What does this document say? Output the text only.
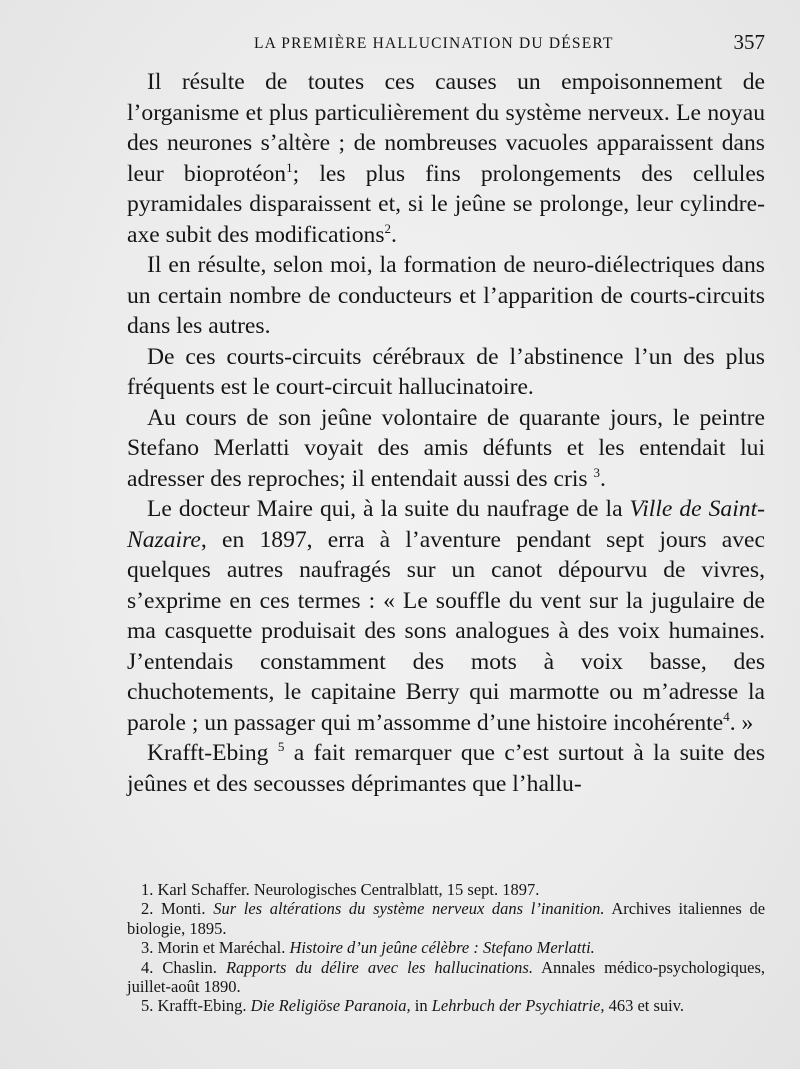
LA PREMIÈRE HALLUCINATION DU DÉSERT	357

Il résulte de toutes ces causes un empoisonnement de l’organisme et plus particulièrement du système nerveux. Le noyau des neurones s’altère ; de nombreuses vacuoles apparaissent dans leur bioprotéon$^1$; les plus fins prolongements des cellules pyramidales disparaissent et, si le jeûne se prolonge, leur cylindre-axe subit des modifications$^2$.

Il en résulte, selon moi, la formation de neuro-diélectriques dans un certain nombre de conducteurs et l’apparition de courts-circuits dans les autres.

De ces courts-circuits cérébraux de l’abstinence l’un des plus fréquents est le court-circuit hallucinatoire.

Au cours de son jeûne volontaire de quarante jours, le peintre Stefano Merlatti voyait des amis défunts et les entendait lui adresser des reproches; il entendait aussi des cris $^3$.

Le docteur Maire qui, à la suite du naufrage de la Ville de Saint-Nazaire, en 1897, erra à l’aventure pendant sept jours avec quelques autres naufragés sur un canot dépourvu de vivres, s’exprime en ces termes : « Le souffle du vent sur la jugulaire de ma casquette produisait des sons analogues à des voix humaines. J’entendais constamment des mots à voix basse, des chuchotements, le capitaine Berry qui marmotte ou m’adresse la parole ; un passager qui m’assomme d’une histoire incohérente$^4$. »

Krafft-Ebing $^5$ a fait remarquer que c’est surtout à la suite des jeûnes et des secousses déprimantes que l’hallu-

1. Karl Schaffer. Neurologisches Centralblatt, 15 sept. 1897.

2. Monti. Sur les altérations du système nerveux dans l’inanition. Archives italiennes de biologie, 1895.

3. Morin et Maréchal. Histoire d’un jeûne célèbre : Stefano Merlatti.

4. Chaslin. Rapports du délire avec les hallucinations. Annales médico-psychologiques, juillet-août 1890.

5. Krafft-Ebing. Die Religiöse Paranoia, in Lehrbuch der Psychiatrie, 463 et suiv.
